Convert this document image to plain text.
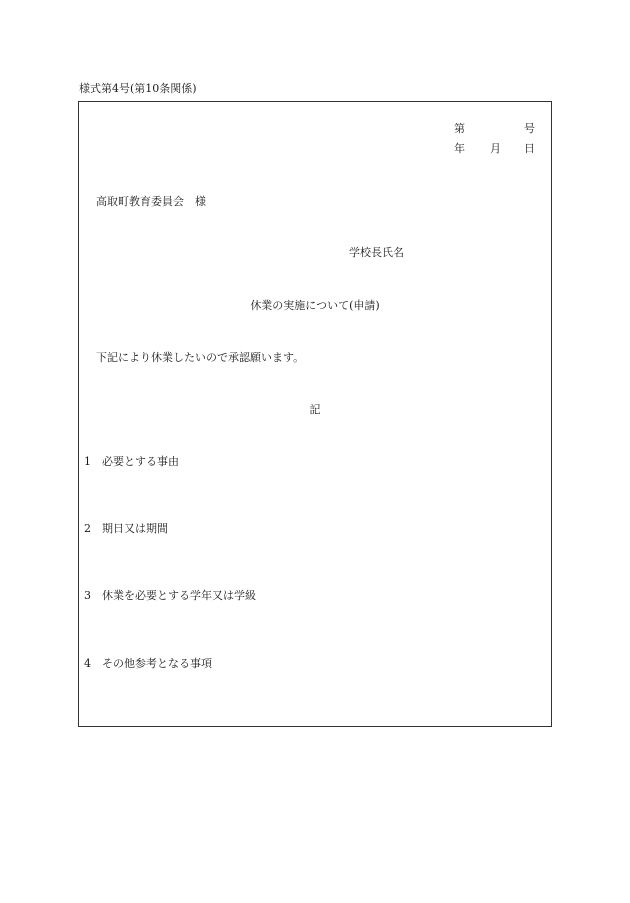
様式第4号(第10条関係)
第	号
年 月 日
高取町教育委員会　様
学校長氏名
休業の実施について(申請)
下記により休業したいので承認願います。
記
1 必要とする事由
2 期日又は期間
3 休業を必要とする学年又は学級
4 その他参考となる事項
